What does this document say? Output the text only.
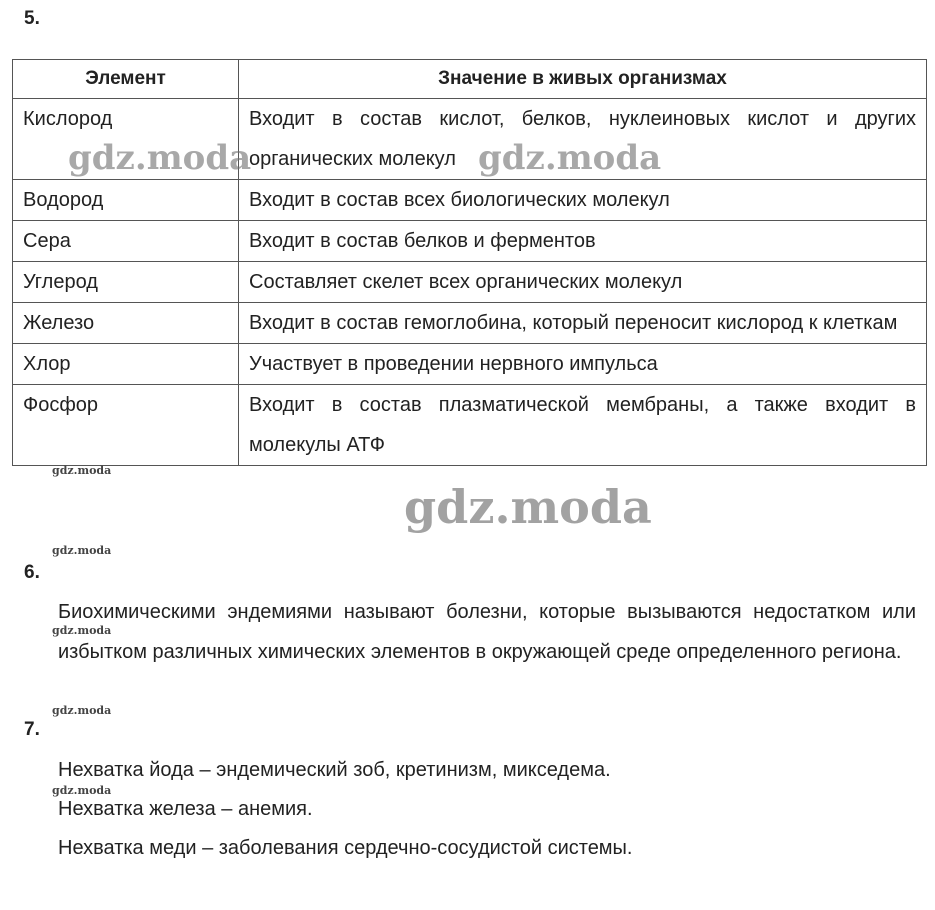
5.
Элемент	Значение в живых организмах
Кислород	Входит в состав кислот, белков, нуклеиновых кислот и других органических молекул
Водород	Входит в состав всех биологических молекул
Сера	Входит в состав белков и ферментов
Углерод	Составляет скелет всех органических молекул
Железо	Входит в состав гемоглобина, который переносит кислород к клеткам
Хлор	Участвует в проведении нервного импульса
Фосфор	Входит в состав плазматической мембраны, а также входит в молекулы АТФ
6.
Биохимическими эндемиями называют болезни, которые вызываются недостатком или избытком различных химических элементов в окружающей среде определенного региона.
7.
Нехватка йода – эндемический зоб, кретинизм, микседема.
Нехватка железа – анемия.
Нехватка меди – заболевания сердечно-сосудистой системы.
gdz.moda	gdz.moda
gdz.moda
gdz.moda
gdz.moda
gdz.moda
gdz.moda
gdz.moda
